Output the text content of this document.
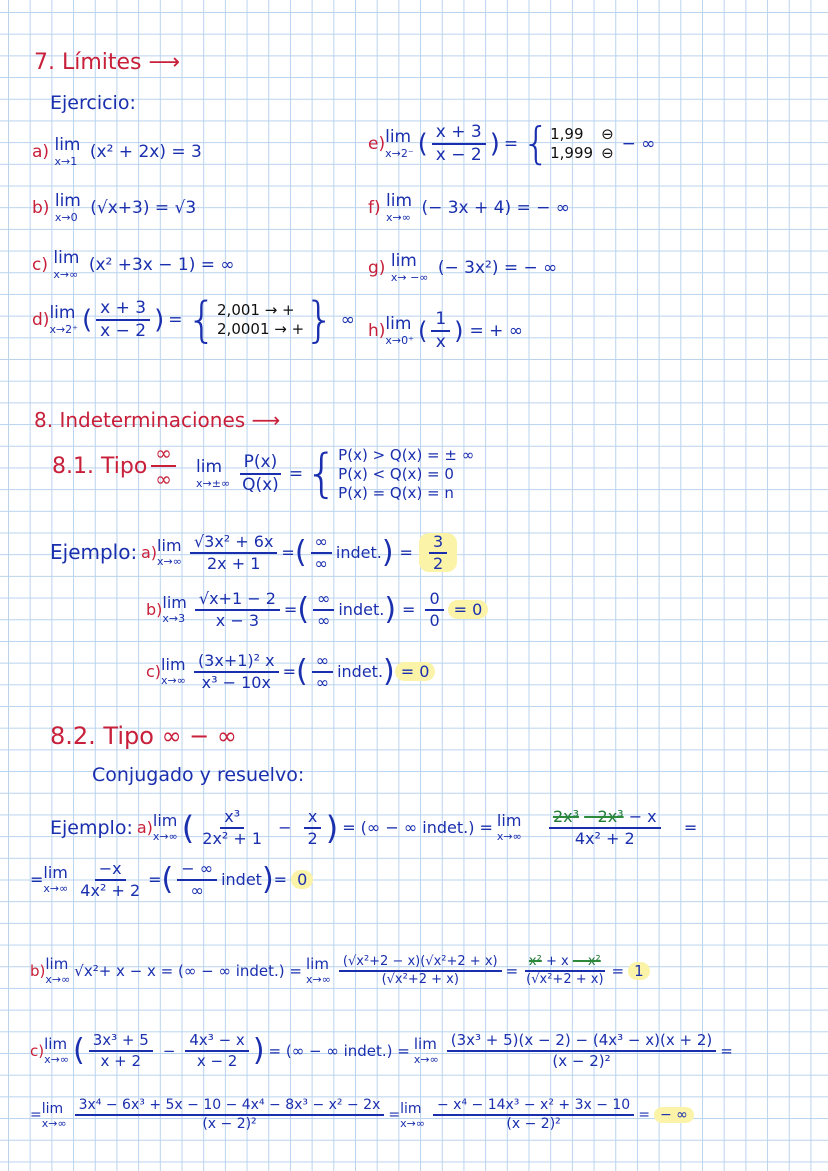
7. Límites ⟶
Ejercicio:
a) lim
x→1 (x² + 2x) = 3
b) lim
x→0 (√x+3) = √3
c) lim
x→∞ (x² +3x − 1) = ∞
d) lim
x→2⁺ ( $\frac{x + 3}{x - 2}$ ) = { 2,001 → +
2,0001 → + } ∞
e) lim
x→2⁻ ( $\frac{x + 3}{x - 2}$ ) = { 1,99
1,999
⊖
⊖ − ∞
f) lim
x→∞ (− 3x + 4) = − ∞
g) lim
x→ −∞ (− 3x²) = − ∞
h) lim
x→0⁺ ( $\frac{1}{x}$ ) = + ∞
8. Indeterminaciones ⟶
8.1. Tipo $\frac{\infty}{\infty}$ lim
$x\to\pm\infty \frac{P(x)}{Q(x)}$ = { P(x) > Q(x) = ± ∞
P(x) < Q(x) = 0
P(x) = Q(x) = n
Ejemplo: a) lim
$x\to\infty \frac{\text{√3x² + 6x}}{2x + 1}$ = ( $\frac{\infty}{\infty} indet$. ) = $\frac{3}{2}$
b) lim
$x\to 3 \frac{√x+1 - 2}{x - 3}$ = ( $\frac{\infty}{\infty} indet$. ) = $\frac{0}{0} = 0$
c) lim
$x\to\infty \frac{\text{(3x+1)² x}}{\text{x³ − 10x}}$ = ( $\frac{\infty}{\infty} indet$. ) = 0
8.2. Tipo ∞ − ∞
Conjugado y resuelvo:
Ejemplo: a) lim
x→∞ ( $\frac{\text{x³}}{\text{2x² + 1}} - \frac{x}{2}$ ) = (∞ − ∞ indet.) = lim
$x\to\infty \frac{\text{2x³ −2x³ − x}}{\text{4x² + 2}}$ =
= lim
$x\to\infty \frac{-x}{\text{4x² + 2}}$ = ( $\frac{- \infty}{\infty}$ indet ) = 0
b) lim
x→∞ √x²+ x − x = (∞ − ∞ indet.) = lim
$x\to\infty \frac{\text{(√x²+2 − x)(√x²+2 + x)}}{\text{(√x²+2 + x)}} = \frac{\text{x² + x − x²}}{\text{(√x²+2 + x)}} = 1$
c) lim
x→∞ ( $\frac{\text{3x³ + 5}}{x + 2} - \frac{\text{4x³ − x}}{x - 2}$ ) = (∞ − ∞ indet.) = lim
$x\to\infty \frac{\text{(3x³ + 5)(x − 2) − (4x³ − x)(x + 2)}}{\text{(x − 2)²}}$ =
= lim
$x\to\infty \frac{\text{3x⁴ − 6x³ + 5x − 10 − 4x⁴ − 8x³ − x² − 2x}}{\text{(x − 2)²}} = \lim$
$x\to\infty \frac{\text{− x⁴ − 14x³ − x² + 3x − 10}}{\text{(x − 2)²}}$ = − ∞
